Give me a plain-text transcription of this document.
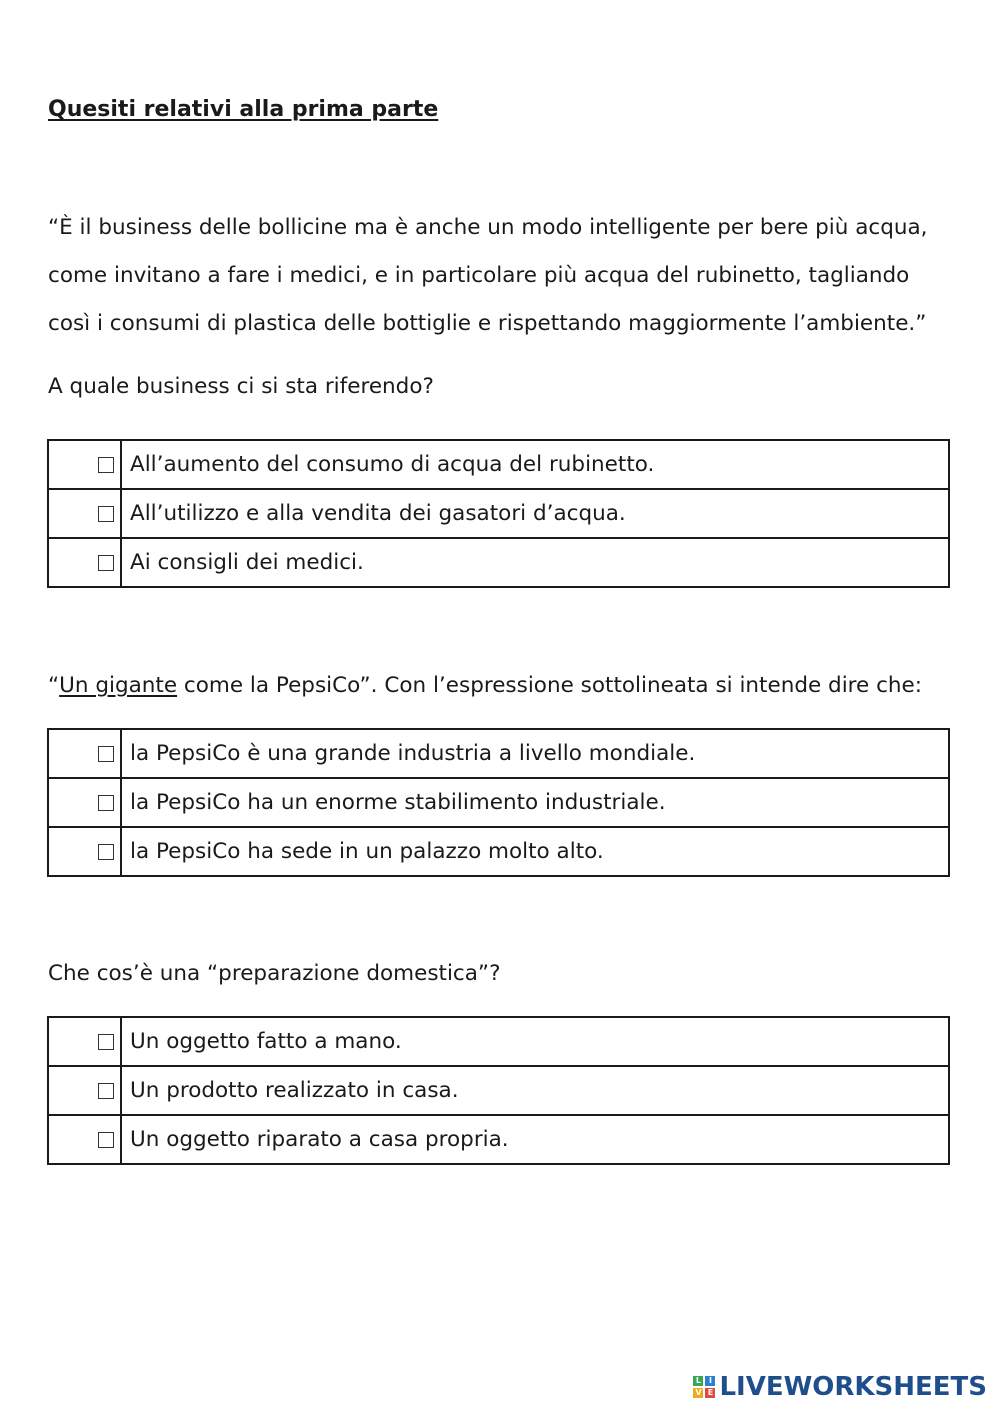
Quesiti relativi alla prima parte

“È il business delle bollicine ma è anche un modo intelligente per bere più acqua,
come invitano a fare i medici, e in particolare più acqua del rubinetto, tagliando
così i consumi di plastica delle bottiglie e rispettando maggiormente l’ambiente.”

A quale business ci si sta riferendo?

	All’aumento del consumo di acqua del rubinetto.
	All’utilizzo e alla vendita dei gasatori d’acqua.
	Ai consigli dei medici.

“Un gigante come la PepsiCo”. Con l’espressione sottolineata si intende dire che:

	la PepsiCo è una grande industria a livello mondiale.
	la PepsiCo ha un enorme stabilimento industriale.
	la PepsiCo ha sede in un palazzo molto alto.

Che cos’è una “preparazione domestica”?

	Un oggetto fatto a mano.
	Un prodotto realizzato in casa.
	Un oggetto riparato a casa propria.
L I
V E LIVEWORKSHEETS
